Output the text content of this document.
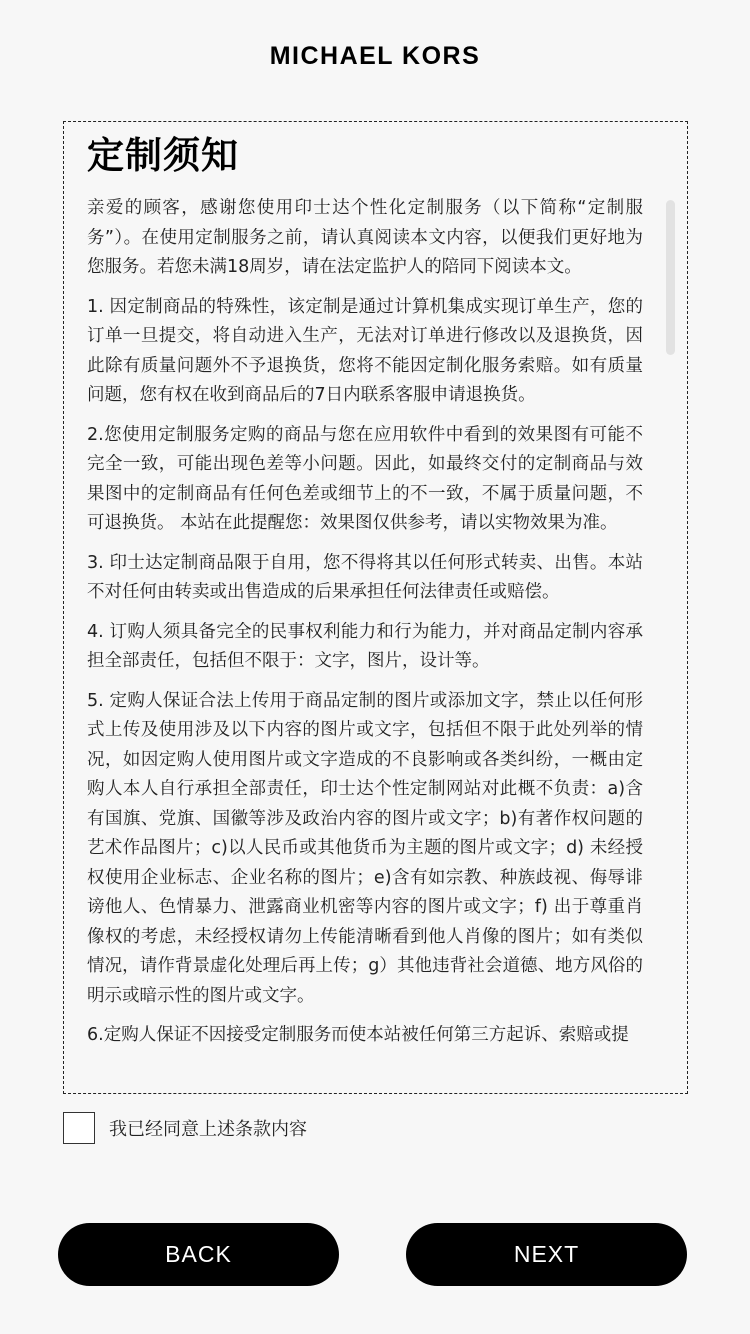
MICHAEL KORS
定制须知

亲爱的顾客，感谢您使用印士达个性化定制服务（以下简称“定制服务”）。在使用定制服务之前，请认真阅读本文内容，以便我们更好地为您服务。若您未满18周岁，请在法定监护人的陪同下阅读本文。

1. 因定制商品的特殊性，该定制是通过计算机集成实现订单生产，您的订单一旦提交，将自动进入生产，无法对订单进行修改以及退换货，因此除有质量问题外不予退换货，您将不能因定制化服务索赔。如有质量问题，您有权在收到商品后的7日内联系客服申请退换货。

2.您使用定制服务定购的商品与您在应用软件中看到的效果图有可能不完全一致，可能出现色差等小问题。因此，如最终交付的定制商品与效果图中的定制商品有任何色差或细节上的不一致，不属于质量问题，不可退换货。 本站在此提醒您：效果图仅供参考，请以实物效果为准。

3. 印士达定制商品限于自用，您不得将其以任何形式转卖、出售。本站不对任何由转卖或出售造成的后果承担任何法律责任或赔偿。

4. 订购人须具备完全的民事权利能力和行为能力，并对商品定制内容承担全部责任，包括但不限于：文字，图片，设计等。

5. 定购人保证合法上传用于商品定制的图片或添加文字，禁止以任何形式上传及使用涉及以下内容的图片或文字，包括但不限于此处列举的情况，如因定购人使用图片或文字造成的不良影响或各类纠纷，一概由定购人本人自行承担全部责任，印士达个性定制网站对此概不负责：a)含有国旗、党旗、国徽等涉及政治内容的图片或文字；b)有著作权问题的艺术作品图片；c)以人民币或其他货币为主题的图片或文字；d) 未经授权使用企业标志、企业名称的图片；e)含有如宗教、种族歧视、侮辱诽谤他人、色情暴力、泄露商业机密等内容的图片或文字；f) 出于尊重肖像权的考虑，未经授权请勿上传能清晰看到他人肖像的图片；如有类似情况，请作背景虚化处理后再上传；g）其他违背社会道德、地方风俗的明示或暗示性的图片或文字。

6.定购人保证不因接受定制服务而使本站被任何第三方起诉、索赔或提

我已经同意上述条款内容
BACK	NEXT
